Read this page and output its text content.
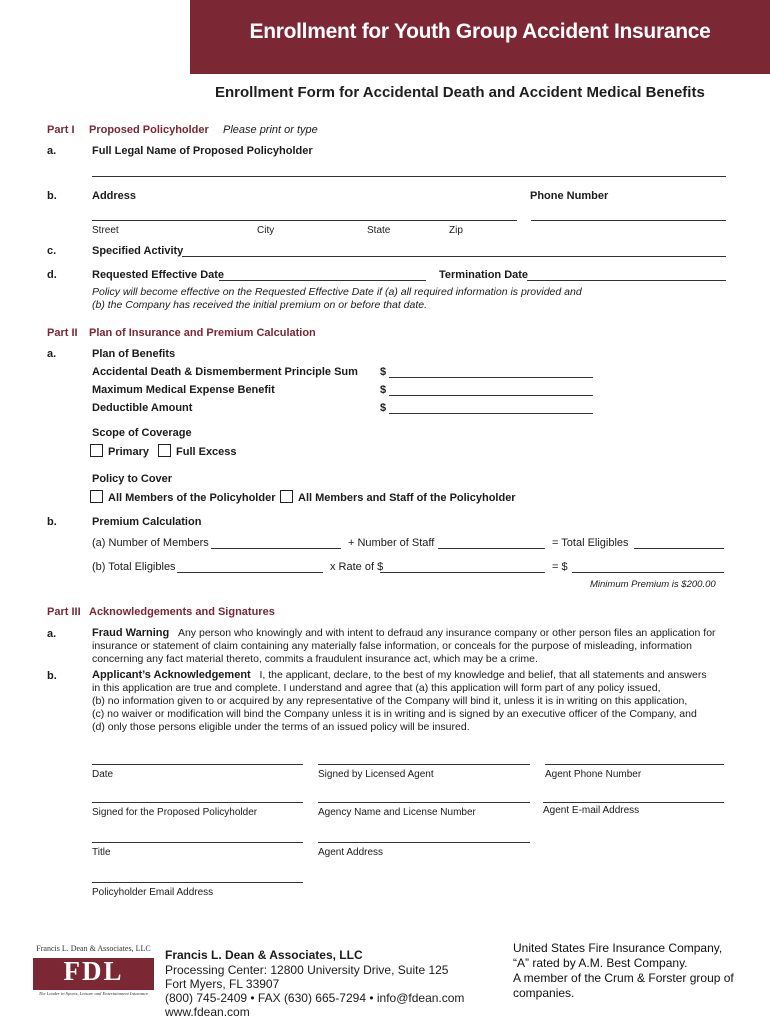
Enrollment for Youth Group Accident Insurance
Enrollment Form for Accidental Death and Accident Medical Benefits
Part I Proposed Policyholder Please print or type
a.	Full Legal Name of Proposed Policyholder
b.	Address	Phone Number
Street	City	State	Zip
c.	Specified Activity
d.	Requested Effective Date	Termination Date
Policy will become effective on the Requested Effective Date if (a) all required information is provided and
(b) the Company has received the initial premium on or before that date.
Part II Plan of Insurance and Premium Calculation
a.	Plan of Benefits
Accidental Death & Dismemberment Principle Sum $
Maximum Medical Expense Benefit	$
Deductible Amount	$
Scope of Coverage
Primary	Full Excess
Policy to Cover
All Members of the Policyholder	All Members and Staff of the Policyholder
b.	Premium Calculation
(a) Number of Members	+ Number of Staff	= Total Eligibles
(b) Total Eligibles	x Rate of $	= $
Minimum Premium is $200.00
Part III Acknowledgements and Signatures
a.	Fraud Warning Any person who knowingly and with intent to defraud any insurance company or other person files an application for
insurance or statement of claim containing any materially false information, or conceals for the purpose of misleading, information
concerning any fact material thereto, commits a fraudulent insurance act, which may be a crime.
b.	Applicant’s Acknowledgement I, the applicant, declare, to the best of my knowledge and belief, that all statements and answers
in this application are true and complete. I understand and agree that (a) this application will form part of any policy issued,
(b) no information given to or acquired by any representative of the Company will bind it, unless it is in writing on this application,
(c) no waiver or modification will bind the Company unless it is in writing and is signed by an executive officer of the Company, and
(d) only those persons eligible under the terms of an issued policy will be insured.
Date	Signed by Licensed Agent	Agent Phone Number
Signed for the Proposed Policyholder	Agency Name and License Number	Agent E-mail Address
Title	Agent Address
Policyholder Email Address
Francis L. Dean & Associates, LLC
FDL
The Leader in Sports, Leisure and Entertainment Insurance
Francis L. Dean & Associates, LLC
Processing Center: 12800 University Drive, Suite 125
Fort Myers, FL 33907
(800) 745-2409 • FAX (630) 665-7294 • info@fdean.com
www.fdean.com
United States Fire Insurance Company,
“A” rated by A.M. Best Company.
A member of the Crum & Forster group of
companies.
